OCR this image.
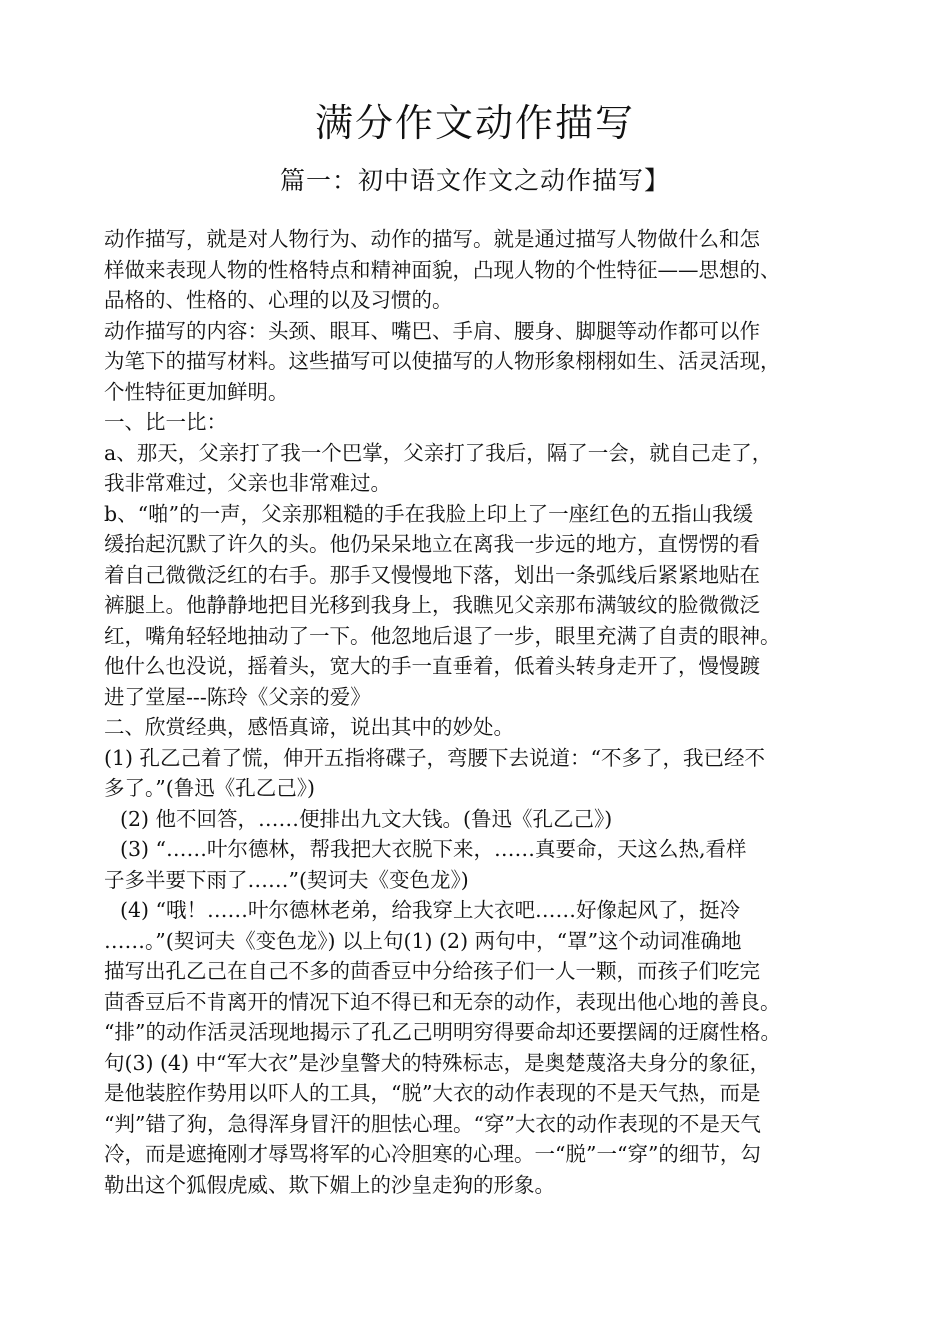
满分作文动作描写
篇一：初中语文作文之动作描写】
动作描写，就是对人物行为、动作的描写。就是通过描写人物做什么和怎
样做来表现人物的性格特点和精神面貌，凸现人物的个性特征——思想的、
品格的、性格的、心理的以及习惯的。
动作描写的内容：头颈、眼耳、嘴巴、手肩、腰身、脚腿等动作都可以作
为笔下的描写材料。这些描写可以使描写的人物形象栩栩如生、活灵活现，
个性特征更加鲜明。
一、比一比：
a、那天，父亲打了我一个巴掌，父亲打了我后，隔了一会，就自己走了，
我非常难过，父亲也非常难过。
b、“啪”的一声，父亲那粗糙的手在我脸上印上了一座红色的五指山我缓
缓抬起沉默了许久的头。他仍呆呆地立在离我一步远的地方，直愣愣的看
着自己微微泛红的右手。那手又慢慢地下落，划出一条弧线后紧紧地贴在
裤腿上。他静静地把目光移到我身上，我瞧见父亲那布满皱纹的脸微微泛
红，嘴角轻轻地抽动了一下。他忽地后退了一步，眼里充满了自责的眼神。
他什么也没说，摇着头，宽大的手一直垂着，低着头转身走开了，慢慢踱
进了堂屋---陈玲《父亲的爱》
二、欣赏经典，感悟真谛，说出其中的妙处。
(1) 孔乙己着了慌，伸开五指将碟子，弯腰下去说道：“不多了，我已经不
多了。”(鲁迅《孔乙己》)
(2) 他不回答，……便排出九文大钱。(鲁迅《孔乙己》)
(3) “……叶尔德林，帮我把大衣脱下来，……真要命，天这么热,看样
子多半要下雨了……”(契诃夫《变色龙》)
(4) “哦！……叶尔德林老弟，给我穿上大衣吧……好像起风了，挺冷
……。”(契诃夫《变色龙》) 以上句(1) (2) 两句中，“罩”这个动词准确地
描写出孔乙己在自己不多的茴香豆中分给孩子们一人一颗，而孩子们吃完
茴香豆后不肯离开的情况下迫不得已和无奈的动作，表现出他心地的善良。
“排”的动作活灵活现地揭示了孔乙己明明穷得要命却还要摆阔的迂腐性格。
句(3) (4) 中“军大衣”是沙皇警犬的特殊标志，是奥楚蔑洛夫身分的象征，
是他装腔作势用以吓人的工具，“脱”大衣的动作表现的不是天气热，而是
“判”错了狗，急得浑身冒汗的胆怯心理。“穿”大衣的动作表现的不是天气
冷，而是遮掩刚才辱骂将军的心冷胆寒的心理。一“脱”一“穿”的细节，勾
勒出这个狐假虎威、欺下媚上的沙皇走狗的形象。
